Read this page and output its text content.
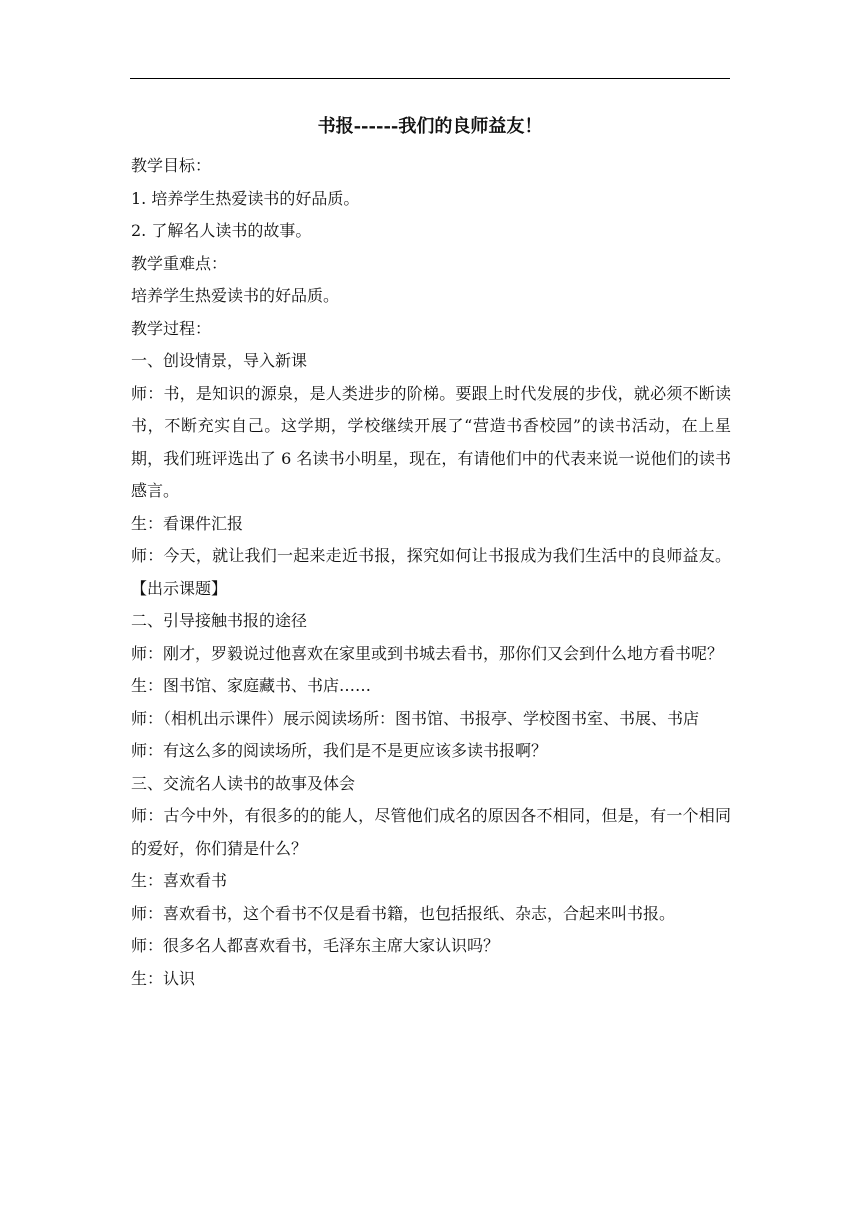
书报------我们的良师益友！

教学目标：

1. 培养学生热爱读书的好品质。

2. 了解名人读书的故事。

教学重难点：

培养学生热爱读书的好品质。

教学过程：

一、创设情景，导入新课

师：书，是知识的源泉，是人类进步的阶梯。要跟上时代发展的步伐，就必须不断读书，不断充实自己。这学期，学校继续开展了“营造书香校园”的读书活动，在上星期，我们班评选出了 6 名读书小明星，现在，有请他们中的代表来说一说他们的读书感言。

生：看课件汇报

师：今天，就让我们一起来走近书报，探究如何让书报成为我们生活中的良师益友。【出示课题】

二、引导接触书报的途径

师：刚才，罗毅说过他喜欢在家里或到书城去看书，那你们又会到什么地方看书呢？

生：图书馆、家庭藏书、书店……

师：（相机出示课件）展示阅读场所：图书馆、书报亭、学校图书室、书展、书店

师：有这么多的阅读场所，我们是不是更应该多读书报啊？

三、交流名人读书的故事及体会

师：古今中外，有很多的的能人，尽管他们成名的原因各不相同，但是，有一个相同的爱好，你们猜是什么？

生：喜欢看书

师：喜欢看书，这个看书不仅是看书籍，也包括报纸、杂志，合起来叫书报。

师：很多名人都喜欢看书，毛泽东主席大家认识吗？

生：认识
